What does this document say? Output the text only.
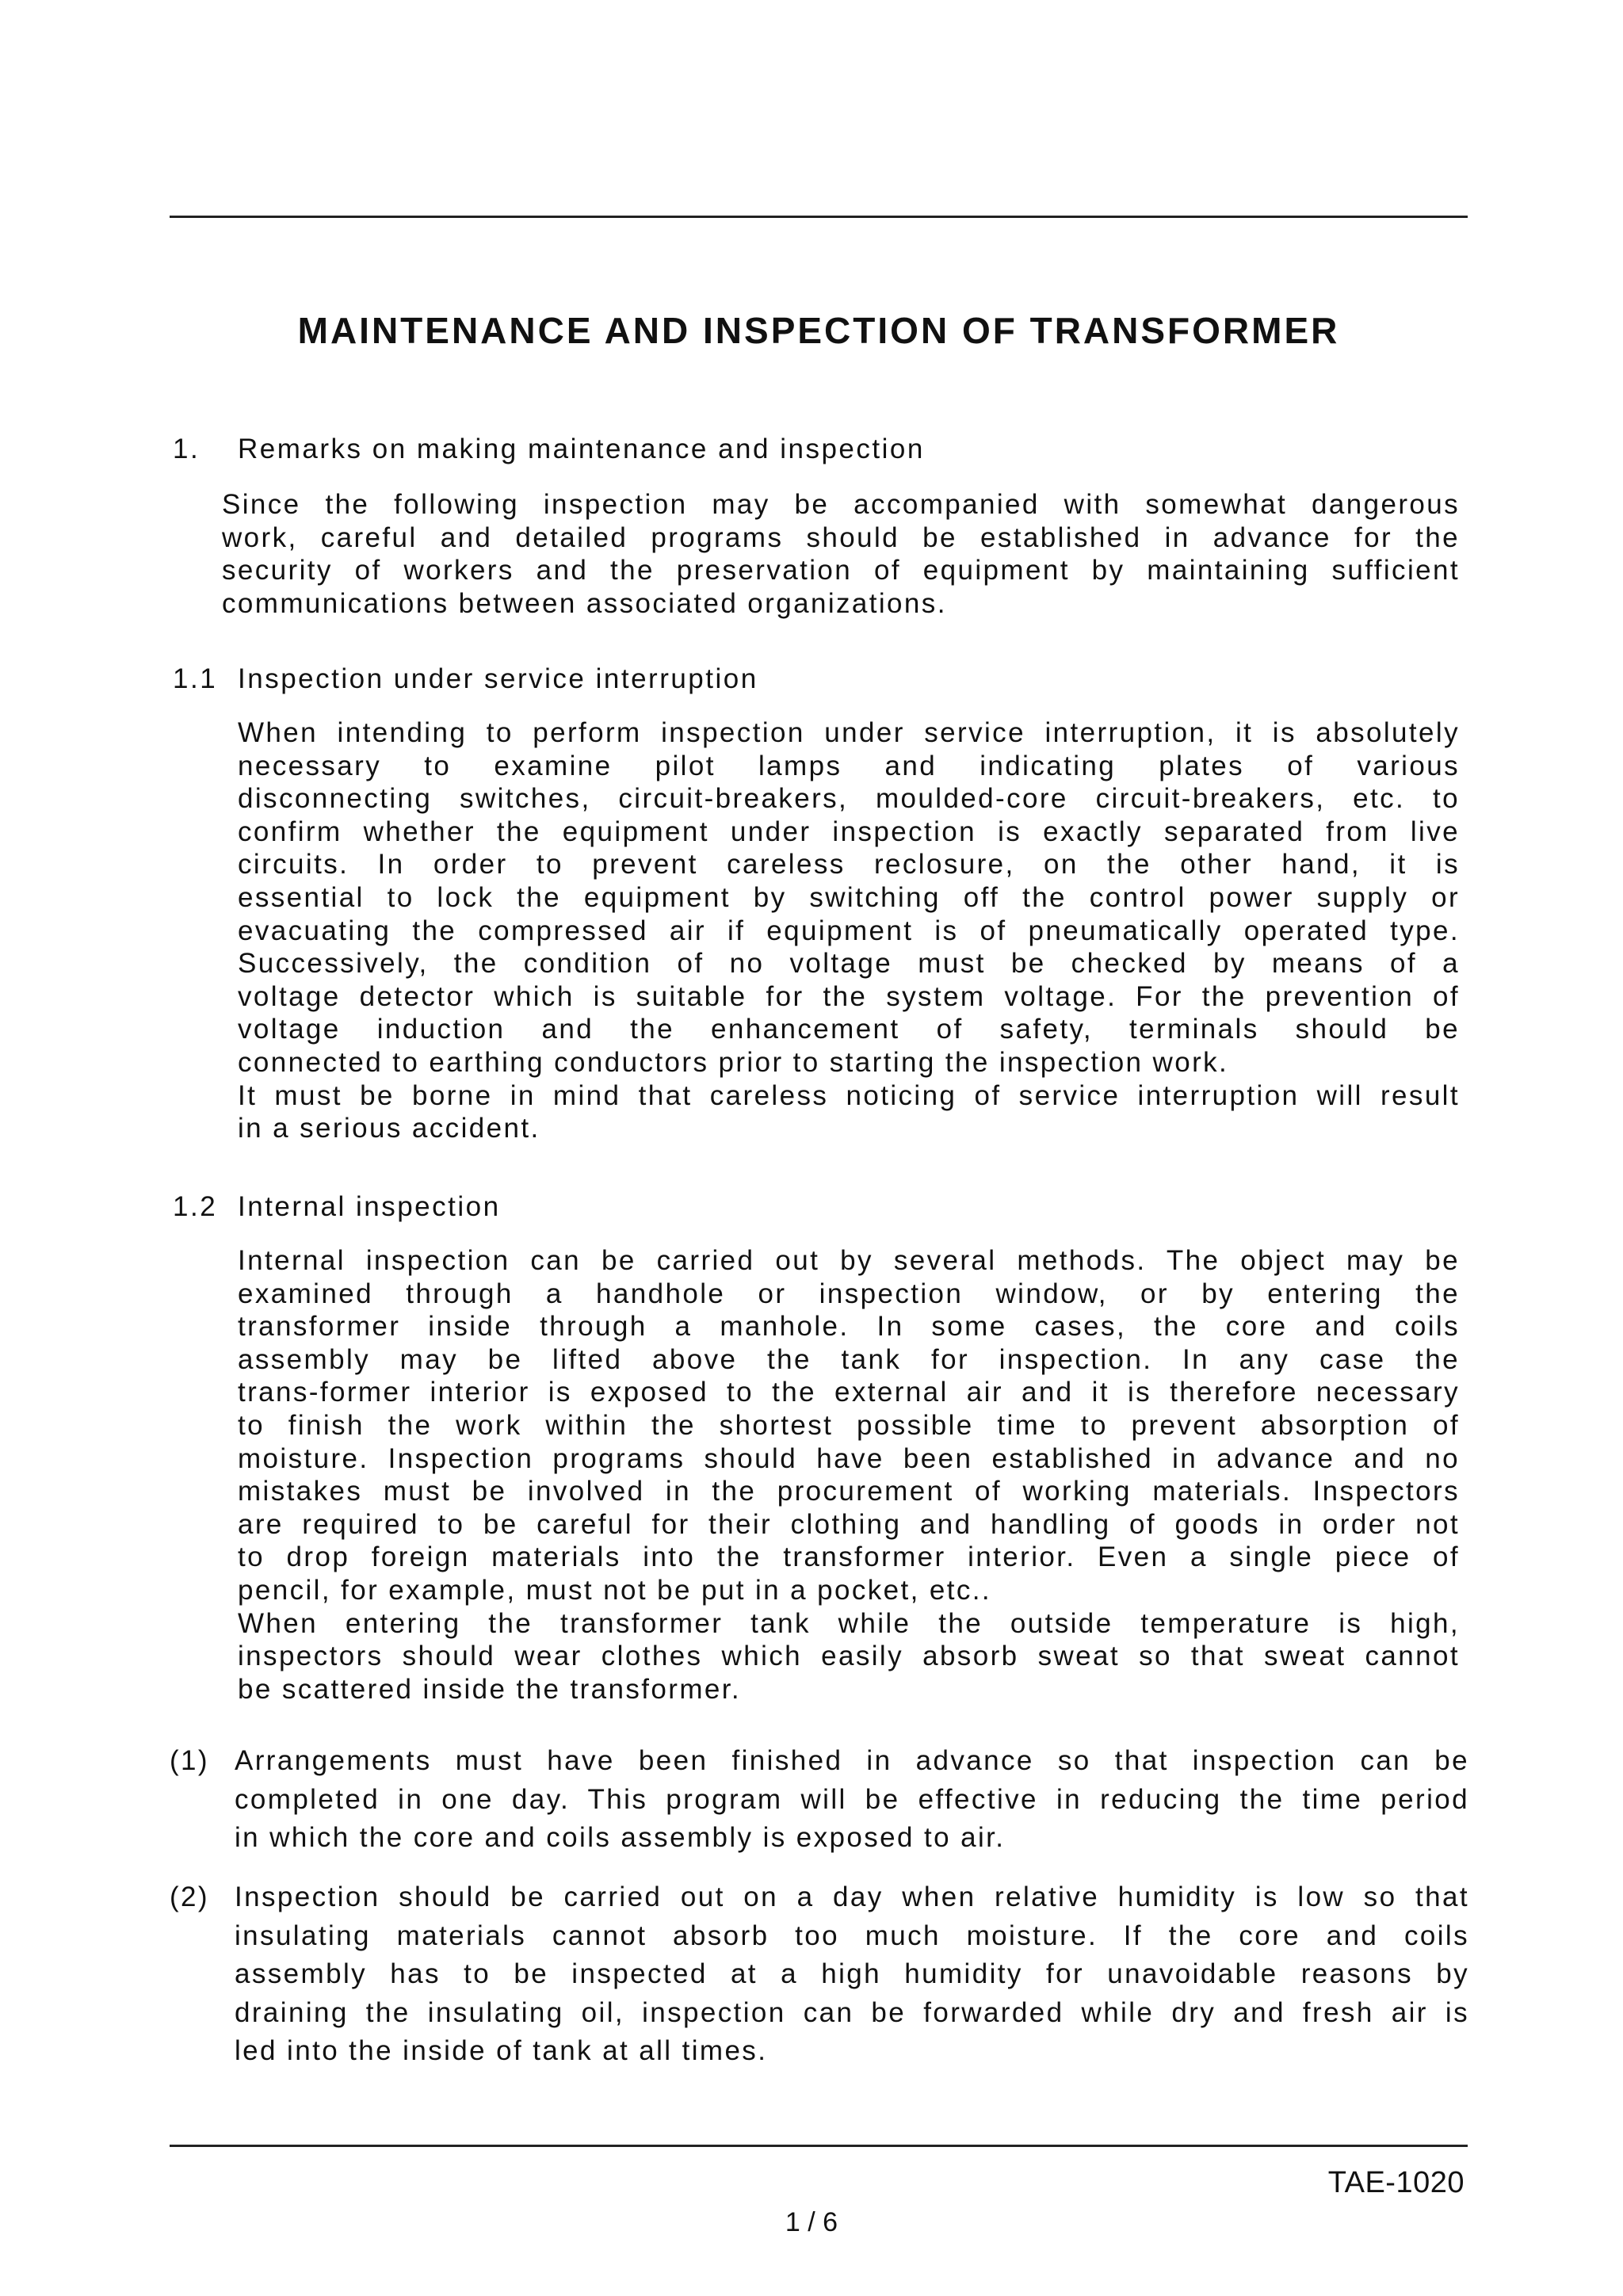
MAINTENANCE AND INSPECTION OF TRANSFORMER
1. Remarks on making maintenance and inspection
Since the following inspection may be accompanied with somewhat dangerous
work, careful and detailed programs should be established in advance for the
security of workers and the preservation of equipment by maintaining sufficient
communications between associated organizations.
1.1 Inspection under service interruption
When intending to perform inspection under service interruption, it is absolutely
necessary to examine pilot lamps and indicating plates of various
disconnecting switches, circuit-breakers, moulded-core circuit-breakers, etc. to
confirm whether the equipment under inspection is exactly separated from live
circuits. In order to prevent careless reclosure, on the other hand, it is
essential to lock the equipment by switching off the control power supply or
evacuating the compressed air if equipment is of pneumatically operated type.
Successively, the condition of no voltage must be checked by means of a
voltage detector which is suitable for the system voltage. For the prevention of
voltage induction and the enhancement of safety, terminals should be
connected to earthing conductors prior to starting the inspection work.
It must be borne in mind that careless noticing of service interruption will result
in a serious accident.
1.2 Internal inspection
Internal inspection can be carried out by several methods. The object may be
examined through a handhole or inspection window, or by entering the
transformer inside through a manhole. In some cases, the core and coils
assembly may be lifted above the tank for inspection. In any case the
trans-former interior is exposed to the external air and it is therefore necessary
to finish the work within the shortest possible time to prevent absorption of
moisture. Inspection programs should have been established in advance and no
mistakes must be involved in the procurement of working materials. Inspectors
are required to be careful for their clothing and handling of goods in order not
to drop foreign materials into the transformer interior. Even a single piece of
pencil, for example, must not be put in a pocket, etc..
When entering the transformer tank while the outside temperature is high,
inspectors should wear clothes which easily absorb sweat so that sweat cannot
be scattered inside the transformer.
(1) Arrangements must have been finished in advance so that inspection can be
completed in one day. This program will be effective in reducing the time period
in which the core and coils assembly is exposed to air.
(2) Inspection should be carried out on a day when relative humidity is low so that
insulating materials cannot absorb too much moisture. If the core and coils
assembly has to be inspected at a high humidity for unavoidable reasons by
draining the insulating oil, inspection can be forwarded while dry and fresh air is
led into the inside of tank at all times.
TAE-1020
1 / 6
